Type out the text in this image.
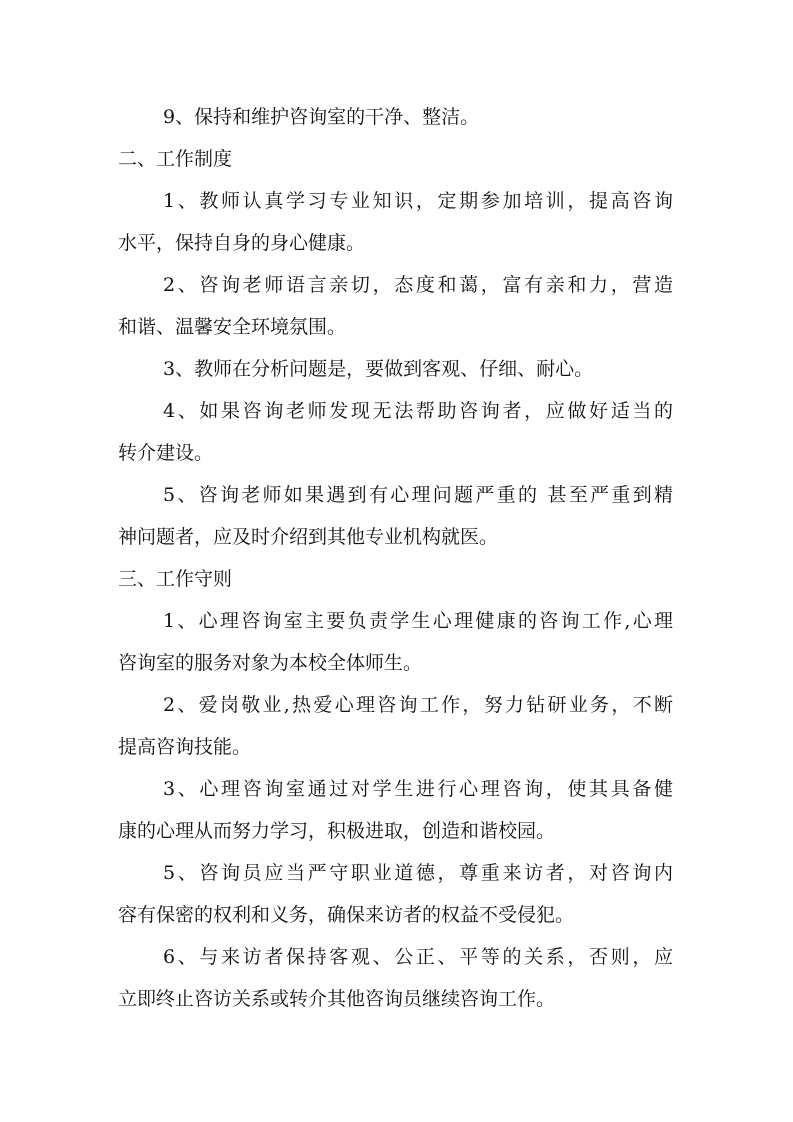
9、保持和维护咨询室的干净、整洁。
二、工作制度
1、教师认真学习专业知识，定期参加培训，提高咨询
水平，保持自身的身心健康。
2、咨询老师语言亲切，态度和蔼，富有亲和力，营造
和谐、温馨安全环境氛围。
3、教师在分析问题是，要做到客观、仔细、耐心。
4、如果咨询老师发现无法帮助咨询者，应做好适当的
转介建设。
5、咨询老师如果遇到有心理问题严重的 甚至严重到精
神问题者，应及时介绍到其他专业机构就医。
三、工作守则
1、心理咨询室主要负责学生心理健康的咨询工作,心理
咨询室的服务对象为本校全体师生。
2、爱岗敬业,热爱心理咨询工作，努力钻研业务，不断
提高咨询技能。
3、心理咨询室通过对学生进行心理咨询，使其具备健
康的心理从而努力学习，积极进取，创造和谐校园。
5、咨询员应当严守职业道德，尊重来访者，对咨询内
容有保密的权利和义务，确保来访者的权益不受侵犯。
6、与来访者保持客观、公正、平等的关系，否则，应
立即终止咨访关系或转介其他咨询员继续咨询工作。
